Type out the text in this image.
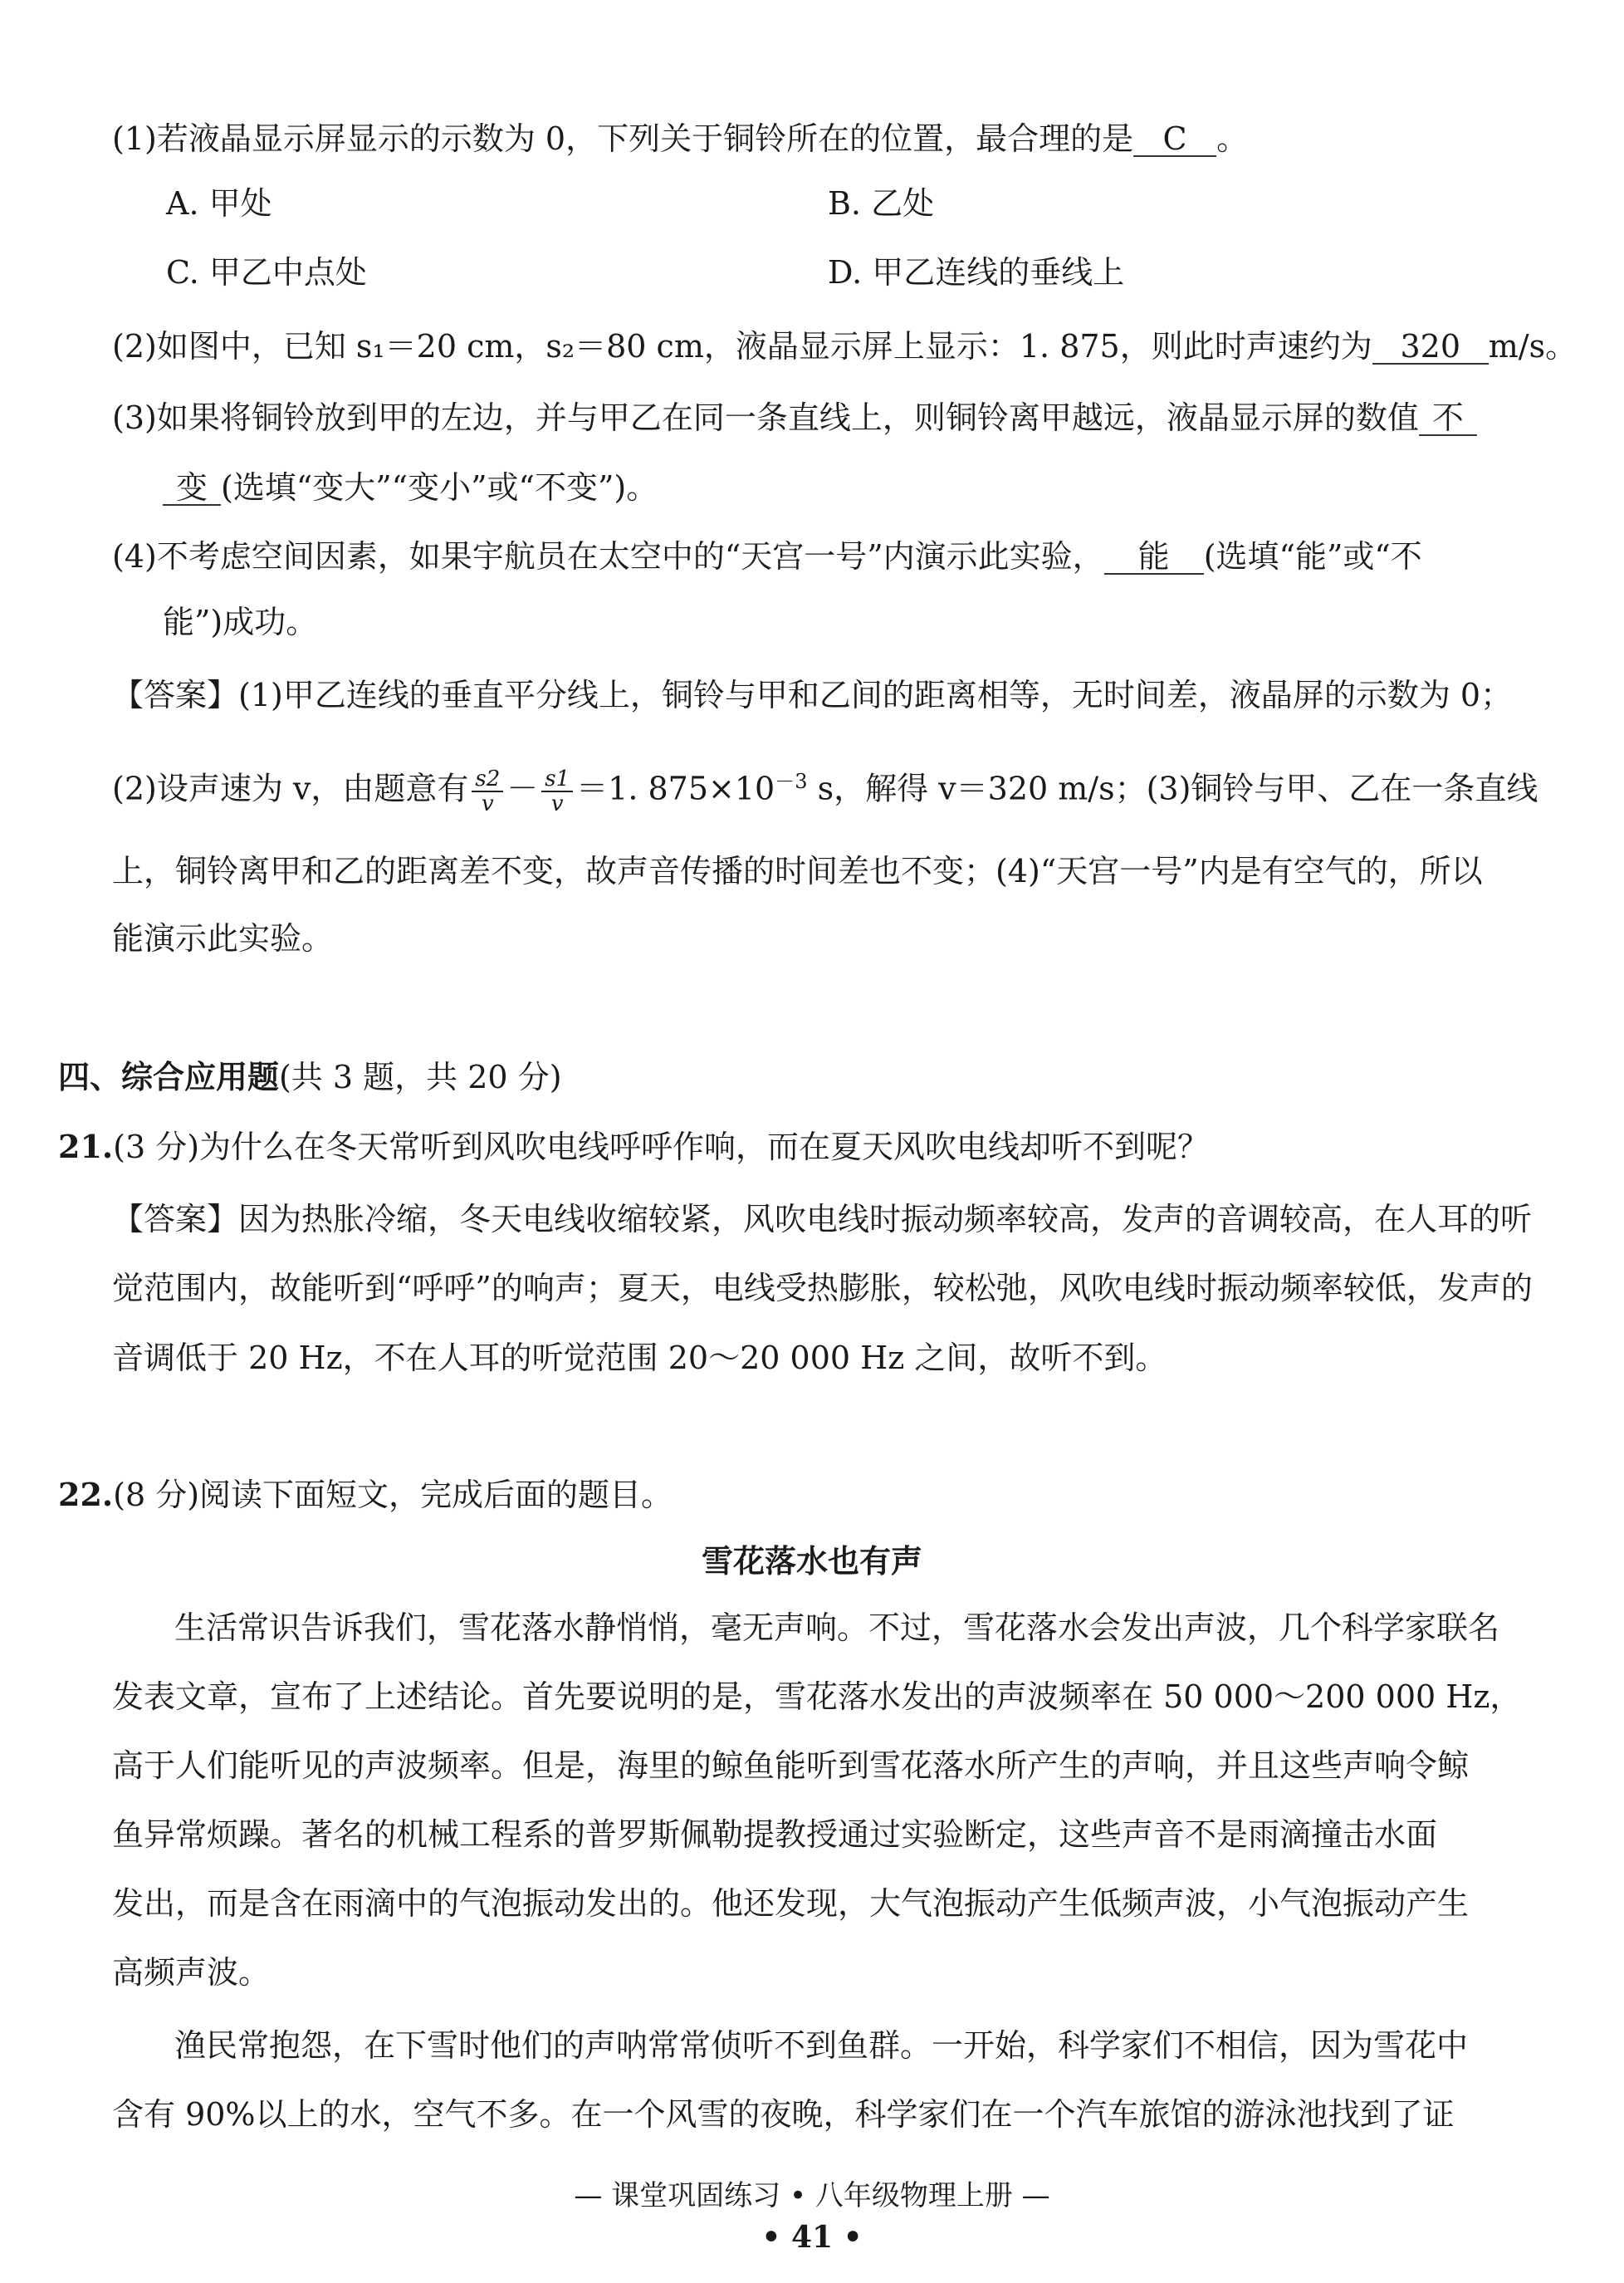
(1)若液晶显示屏显示的示数为 0，下列关于铜铃所在的位置，最合理的是 C 。
A. 甲处	B. 乙处
C. 甲乙中点处	D. 甲乙连线的垂线上
(2)如图中，已知 s₁＝20 cm，s₂＝80 cm，液晶显示屏上显示：1. 875，则此时声速约为 320 m/s。
(3)如果将铜铃放到甲的左边，并与甲乙在同一条直线上，则铜铃离甲越远，液晶显示屏的数值 不
变 (选填“变大”“变小”或“不变”)。
(4)不考虑空间因素，如果宇航员在太空中的“天宫一号”内演示此实验， 能 (选填“能”或“不
能”)成功。
【答案】(1)甲乙连线的垂直平分线上，铜铃与甲和乙间的距离相等，无时间差，液晶屏的示数为 0；
(2)设声速为 v，由题意有 $\frac{s2}{v} - \frac{s1}{v} =1$. $875\times 10^{-3}$ s，解得 v＝320 m/s；(3)铜铃与甲、乙在一条直线
上，铜铃离甲和乙的距离差不变，故声音传播的时间差也不变；(4)“天宫一号”内是有空气的，所以
能演示此实验。
四、综合应用题(共 3 题，共 20 分)
21.(3 分)为什么在冬天常听到风吹电线呼呼作响，而在夏天风吹电线却听不到呢？
【答案】因为热胀冷缩，冬天电线收缩较紧，风吹电线时振动频率较高，发声的音调较高，在人耳的听
觉范围内，故能听到“呼呼”的响声；夏天，电线受热膨胀，较松弛，风吹电线时振动频率较低，发声的
音调低于 20 Hz，不在人耳的听觉范围 20～20 000 Hz 之间，故听不到。
22.(8 分)阅读下面短文，完成后面的题目。
雪花落水也有声
生活常识告诉我们，雪花落水静悄悄，毫无声响。不过，雪花落水会发出声波，几个科学家联名
发表文章，宣布了上述结论。首先要说明的是，雪花落水发出的声波频率在 50 000～200 000 Hz，
高于人们能听见的声波频率。但是，海里的鲸鱼能听到雪花落水所产生的声响，并且这些声响令鲸
鱼异常烦躁。著名的机械工程系的普罗斯佩勒提教授通过实验断定，这些声音不是雨滴撞击水面
发出，而是含在雨滴中的气泡振动发出的。他还发现，大气泡振动产生低频声波，小气泡振动产生
高频声波。
渔民常抱怨，在下雪时他们的声呐常常侦听不到鱼群。一开始，科学家们不相信，因为雪花中
含有 90%以上的水，空气不多。在一个风雪的夜晚，科学家们在一个汽车旅馆的游泳池找到了证
— 课堂巩固练习 • 八年级物理上册 —
• 41 •
